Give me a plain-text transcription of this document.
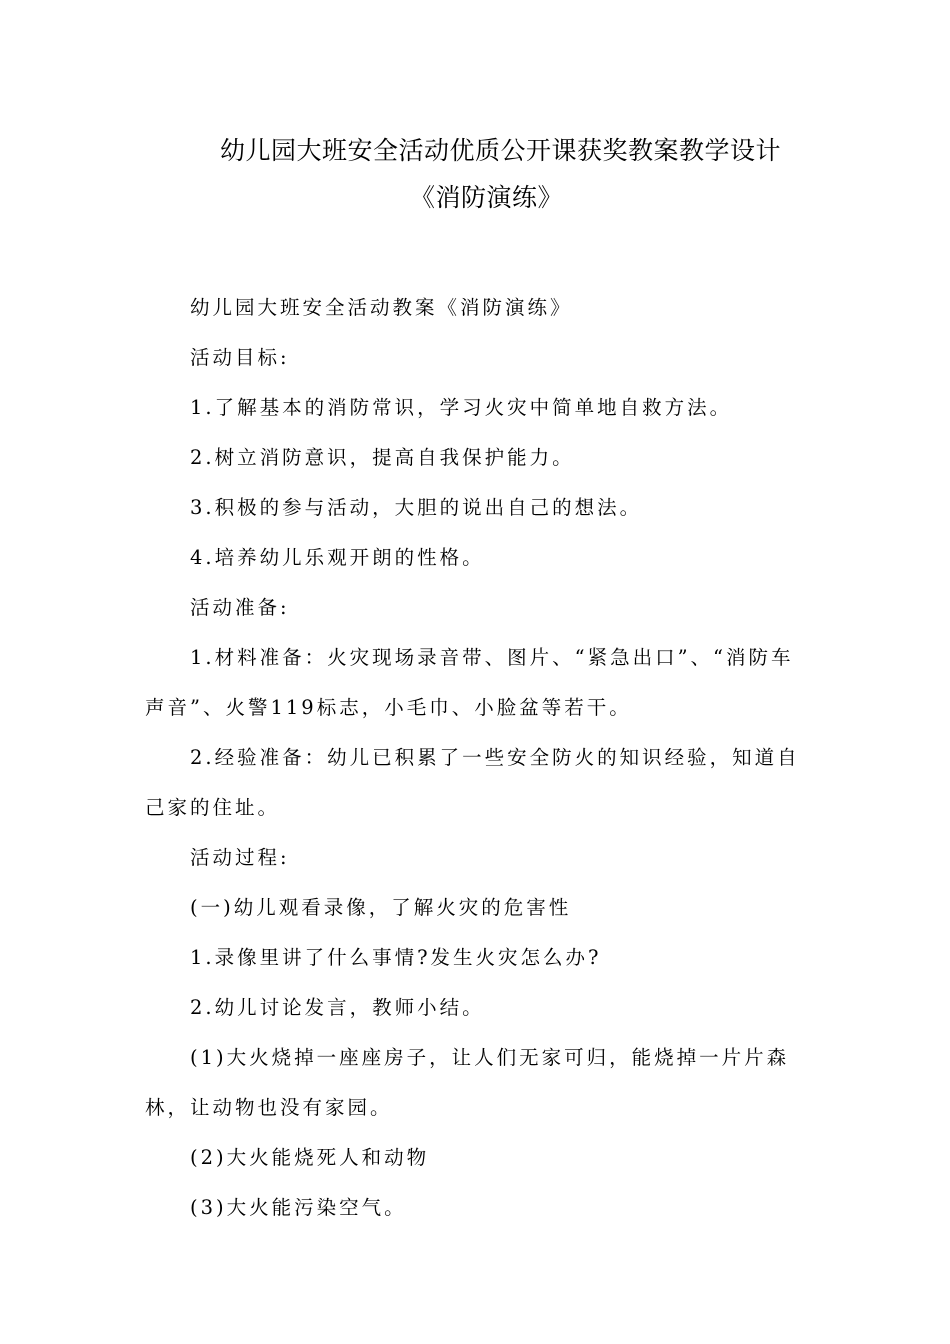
幼儿园大班安全活动优质公开课获奖教案教学设计
《消防演练》

幼儿园大班安全活动教案《消防演练》

活动目标:

1.了解基本的消防常识，学习火灾中简单地自救方法。

2.树立消防意识，提高自我保护能力。

3.积极的参与活动，大胆的说出自己的想法。

4.培养幼儿乐观开朗的性格。

活动准备:

1.材料准备：火灾现场录音带、图片、“紧急出口”、“消防车声音”、火警119标志，小毛巾、小脸盆等若干。

2.经验准备：幼儿已积累了一些安全防火的知识经验，知道自己家的住址。

活动过程:

(一)幼儿观看录像，了解火灾的危害性

1.录像里讲了什么事情?发生火灾怎么办?

2.幼儿讨论发言，教师小结。

(1)大火烧掉一座座房子，让人们无家可归，能烧掉一片片森林，让动物也没有家园。

(2)大火能烧死人和动物

(3)大火能污染空气。
